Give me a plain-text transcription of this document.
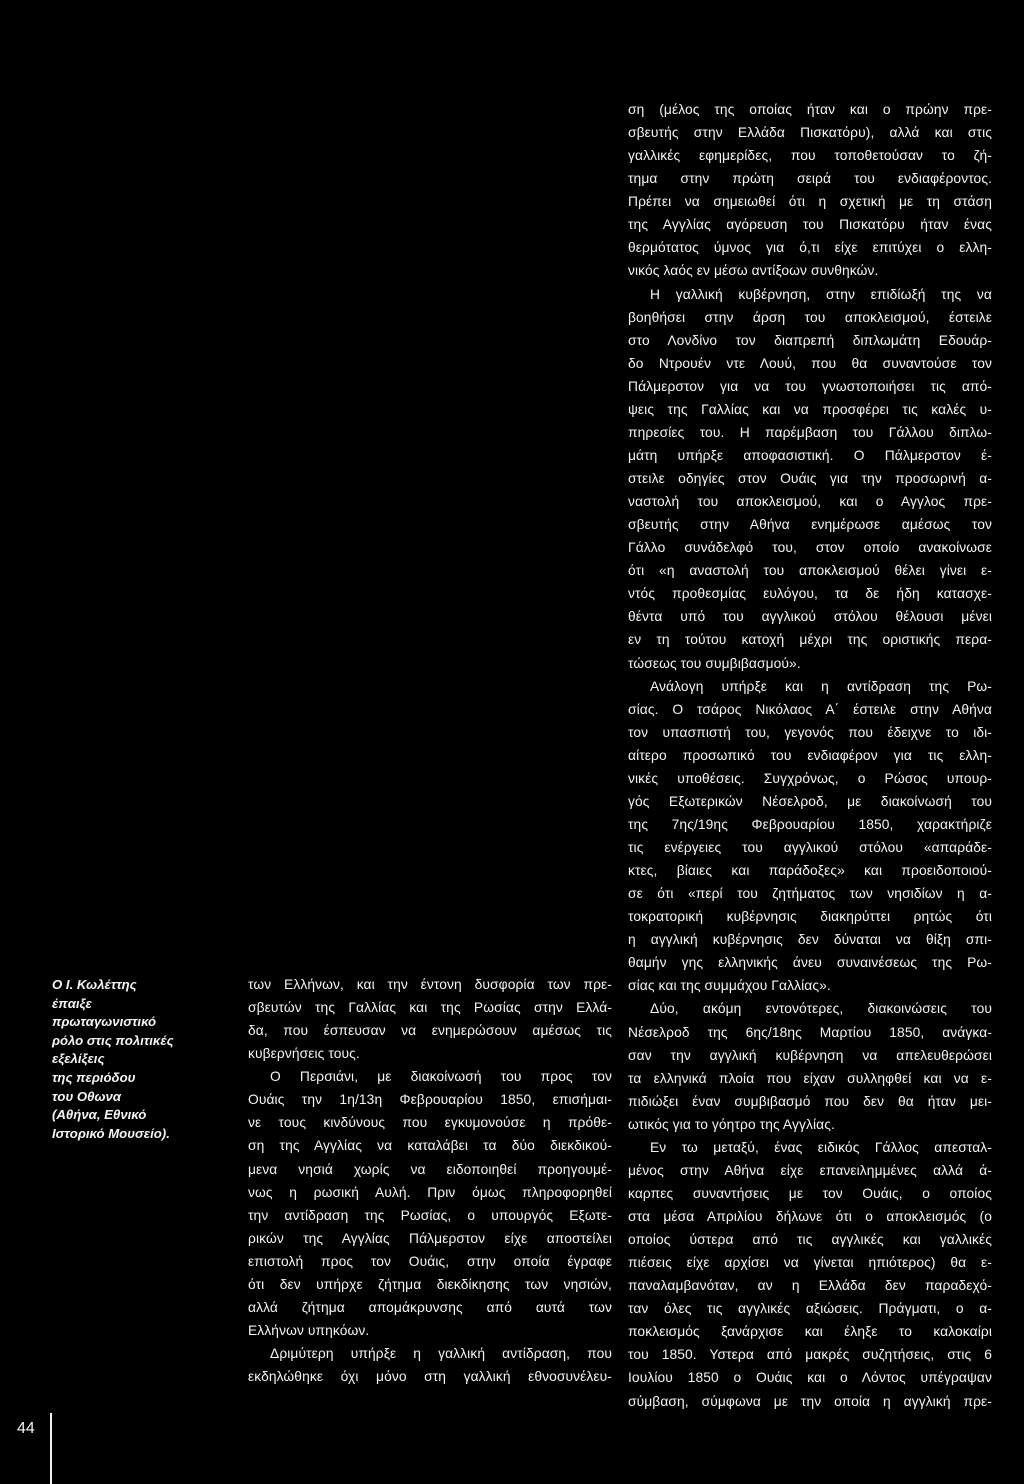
Ο Ι. Κωλέττης
έπαιξε
πρωταγωνιστικό
ρόλο στις πολιτικές
εξελίξεις
της περιόδου
του Οθωνα
(Αθήνα, Εθνικό
Ιστορικό Μουσείο).
των Ελλήνων, και την έντονη δυσφορία των πρε-
σβευτών της Γαλλίας και της Ρωσίας στην Ελλά-
δα, που έσπευσαν να ενημερώσουν αμέσως τις
κυβερνήσεις τους.
Ο Περσιάνι, με διακοίνωσή του προς τον
Ουάις την 1η/13η Φεβρουαρίου 1850, επισήμαι-
νε τους κινδύνους που εγκυμονούσε η πρόθε-
ση της Αγγλίας να καταλάβει τα δύο διεκδικού-
μενα νησιά χωρίς να ειδοποιηθεί προηγουμέ-
νως η ρωσική Αυλή. Πριν όμως πληροφορηθεί
την αντίδραση της Ρωσίας, ο υπουργός Εξωτε-
ρικών της Αγγλίας Πάλμερστον είχε αποστείλει
επιστολή προς τον Ουάις, στην οποία έγραφε
ότι δεν υπήρχε ζήτημα διεκδίκησης των νησιών,
αλλά ζήτημα απομάκρυνσης από αυτά των
Ελλήνων υπηκόων.
Δριμύτερη υπήρξε η γαλλική αντίδραση, που
εκδηλώθηκε όχι μόνο στη γαλλική εθνοσυνέλευ-
ση (μέλος της οποίας ήταν και ο πρώην πρε-
σβευτής στην Ελλάδα Πισκατόρυ), αλλά και στις
γαλλικές εφημερίδες, που τοποθετούσαν το ζή-
τημα στην πρώτη σειρά του ενδιαφέροντος.
Πρέπει να σημειωθεί ότι η σχετική με τη στάση
της Αγγλίας αγόρευση του Πισκατόρυ ήταν ένας
θερμότατος ύμνος για ό,τι είχε επιτύχει ο ελλη-
νικός λαός εν μέσω αντίξοων συνθηκών.
Η γαλλική κυβέρνηση, στην επιδίωξή της να
βοηθήσει στην άρση του αποκλεισμού, έστειλε
στο Λονδίνο τον διαπρεπή διπλωμάτη Εδουάρ-
δο Ντρουέν ντε Λουύ, που θα συναντούσε τον
Πάλμερστον για να του γνωστοποιήσει τις από-
ψεις της Γαλλίας και να προσφέρει τις καλές υ-
πηρεσίες του. Η παρέμβαση του Γάλλου διπλω-
μάτη υπήρξε αποφασιστική. Ο Πάλμερστον έ-
στειλε οδηγίες στον Ουάις για την προσωρινή α-
ναστολή του αποκλεισμού, και ο Αγγλος πρε-
σβευτής στην Αθήνα ενημέρωσε αμέσως τον
Γάλλο συνάδελφό του, στον οποίο ανακοίνωσε
ότι «η αναστολή του αποκλεισμού θέλει γίνει ε-
ντός προθεσμίας ευλόγου, τα δε ήδη κατασχε-
θέντα υπό του αγγλικού στόλου θέλουσι μένει
εν τη τούτου κατοχή μέχρι της οριστικής περα-
τώσεως του συμβιβασμού».
Ανάλογη υπήρξε και η αντίδραση της Ρω-
σίας. Ο τσάρος Νικόλαος Α΄ έστειλε στην Αθήνα
τον υπασπιστή του, γεγονός που έδειχνε το ιδι-
αίτερο προσωπικό του ενδιαφέρον για τις ελλη-
νικές υποθέσεις. Συγχρόνως, ο Ρώσος υπουρ-
γός Εξωτερικών Νέσελροδ, με διακοίνωσή του
της 7ης/19ης Φεβρουαρίου 1850, χαρακτήριζε
τις ενέργειες του αγγλικού στόλου «απαράδε-
κτες, βίαιες και παράδοξες» και προειδοποιού-
σε ότι «περί του ζητήματος των νησιδίων η α-
τοκρατορική κυβέρνησις διακηρύττει ρητώς ότι
η αγγλική κυβέρνησις δεν δύναται να θίξη σπι-
θαμήν γης ελληνικής άνευ συναινέσεως της Ρω-
σίας και της συμμάχου Γαλλίας».
Δύο, ακόμη εντονότερες, διακοινώσεις του
Νέσελροδ της 6ης/18ης Μαρτίου 1850, ανάγκα-
σαν την αγγλική κυβέρνηση να απελευθερώσει
τα ελληνικά πλοία που είχαν συλληφθεί και να ε-
πιδιώξει έναν συμβιβασμό που δεν θα ήταν μει-
ωτικός για το γόητρο της Αγγλίας.
Εν τω μεταξύ, ένας ειδικός Γάλλος απεσταλ-
μένος στην Αθήνα είχε επανειλημμένες αλλά ά-
καρπες συναντήσεις με τον Ουάις, ο οποίος
στα μέσα Απριλίου δήλωνε ότι ο αποκλεισμός (ο
οποίος ύστερα από τις αγγλικές και γαλλικές
πιέσεις είχε αρχίσει να γίνεται ηπιότερος) θα ε-
παναλαμβανόταν, αν η Ελλάδα δεν παραδεχό-
ταν όλες τις αγγλικές αξιώσεις. Πράγματι, ο α-
ποκλεισμός ξανάρχισε και έληξε το καλοκαίρι
του 1850. Υστερα από μακρές συζητήσεις, στις 6
Ιουλίου 1850 ο Ουάις και ο Λόντος υπέγραψαν
σύμβαση, σύμφωνα με την οποία η αγγλική πρε-
44
